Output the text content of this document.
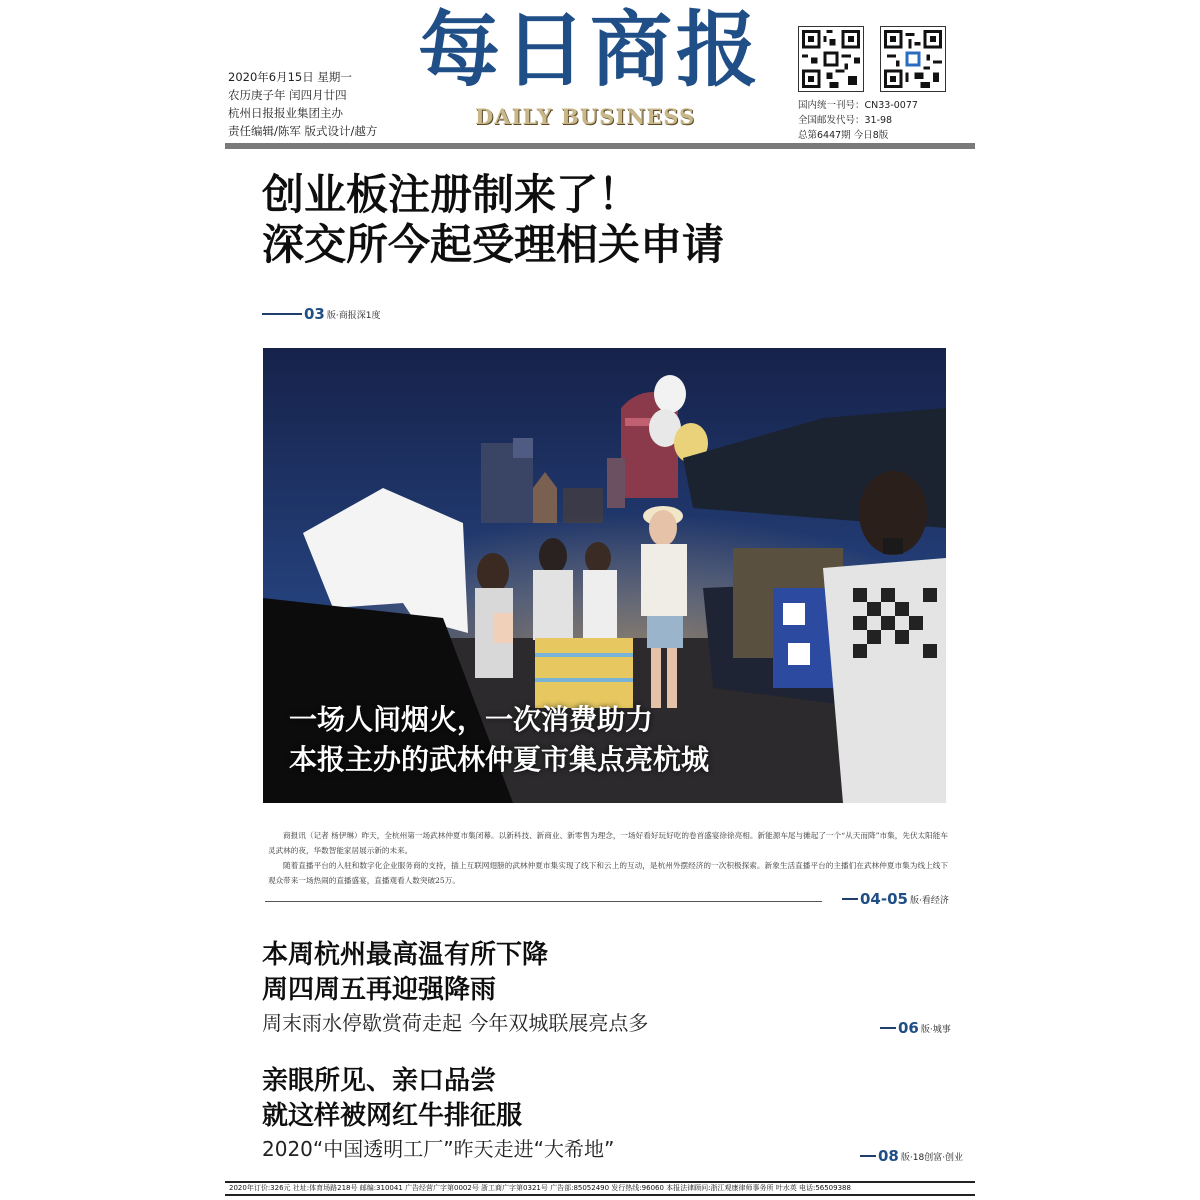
2020年6月15日 星期一
农历庚子年 闰四月廿四
杭州日报报业集团主办
责任编辑/陈军 版式设计/越方
每日商报
DAILY BUSINESS	国内统一刊号：CN33-0077
全国邮发代号：31-98
总第6447期 今日8版
创业板注册制来了！
深交所今起受理相关申请
03 版·商报深1度
一场人间烟火，一次消费助力
本报主办的武林仲夏市集点亮杭城

商报讯（记者 杨伊琳）昨天，全杭州第一场武林仲夏市集闭幕。以新科技、新商业、新零售为理念，一场好看好玩好吃的卷首盛宴徐徐亮相。新能源车尾与摊起了一个“从天而降”市集，先伏太阳能车灵武林的夜，华数智能家居展示新的未来。

随着直播平台的入驻和数字化企业服务商的支持，插上互联网翅膀的武林仲夏市集实现了线下和云上的互动，是杭州外摆经济的一次积极探索。新象生活直播平台的主播们在武林仲夏市集为线上线下观众带来一场热闹的直播盛宴，直播观看人数突破25万。

04-05 版·看经济
本周杭州最高温有所下降
周四周五再迎强降雨
周末雨水停歇赏荷走起 今年双城联展亮点多	06 版·城事
亲眼所见、亲口品尝
就这样被网红牛排征服
2020“中国透明工厂”昨天走进“大希地”	08 版·18创富·创业
2020年订价:326元 社址:体育场路218号 邮编:310041 广告经营广字第0002号 浙工商广字第0321号 广告部:85052490 发行热线:96060 本报法律顾问:浙江观康律师事务所 叶水英 电话:56509388
